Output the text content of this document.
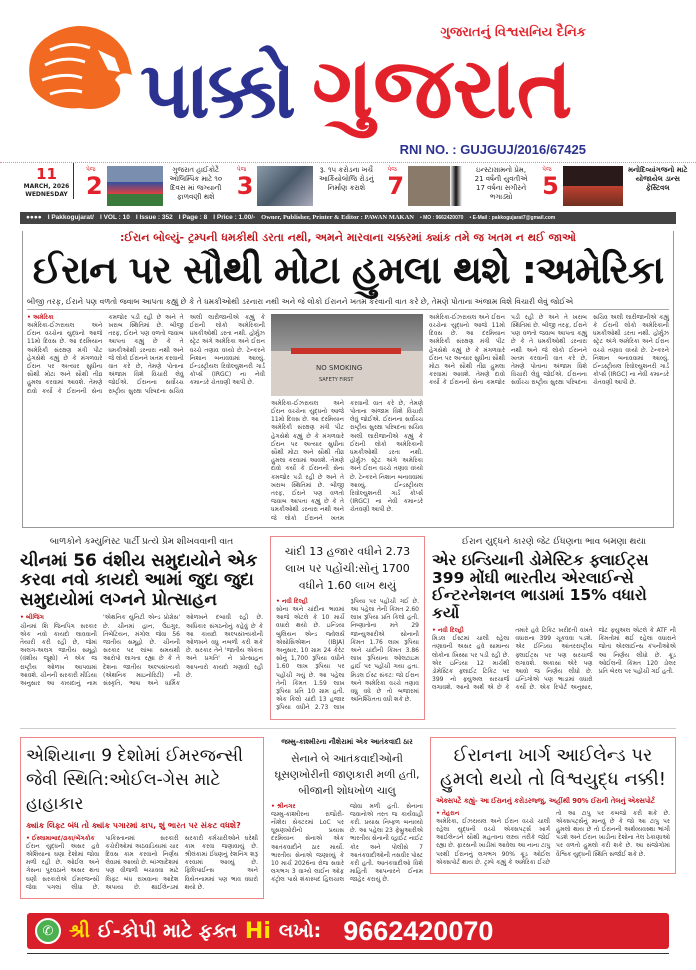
ગુજરાતનું વિશ્વસનિય દૈનિક
પાક્કો ગુજરાત
RNI NO. : GUJGUJ/2016/67425
11
MARCH, 2026
WEDNESDAY
પેજ
2
ગુજરાત હાઈકોર્ટે ઓલિમ્પિક માટે ૧૦ દિવસ માં જગ્યાની ફાળવણી થશે
પેજ
3
રૂ. ૧૫ કરોડના ખર્ચે આર્કિયોલોજિ રોડનું નિર્માણ કરાશે
પેજ
7
ઇન્સ્ટાગ્રામનો પ્રેમ, 21 વર્ષની યુવતીએ 17 વર્ષના સગીરને ભગાડ્યો
પેજ
5
મનોદિવ્યાંગજનો માટે યોજાયેલ ડાન્સ ફેસ્ટિવલ
●●●● I Pakkogujarat/ I VOL : 10 I Issue : 352 I Page : 8 I Price : 1.00/- Owner, Publisher, Printer & Editor : PAWAN MAKAN • MO : 9662420070 • E-Mail : pakkogujarat7@gmail.com
:ઈરાન બોલ્યું- ટ્રમ્પની ધમકીથી ડરતા નથી, અમને મારવાના ચક્કરમાં ક્યાંક તમે જ ખતમ ન થઈ જાઓ
ઈરાન પર સૌથી મોટા હુમલા થશે :અમેરિકા
બીજી તરફ, ઈરાને પણ વળતો જવાબ આપતા કહ્યું છે કે તે ધમકીઓથી ડરનારા નથી અને જે લોકો ઈરાનને ખતમ કરવાની વાત કરે છે, તેમણે પોતાના અંજામ વિશે વિચારી લેવું જોઈએ
• અમેરિકા
અમેરિકા-ઈઝરાયલ અને ઈરાન વચ્ચેના યુદ્ધનો આજે 11મો દિવસ છે. આ દરમિયાન અમેરિકી સંરક્ષણ મંત્રી પીટ હેગસેથે કહ્યું છે કે મંગળવારે ઈરાન પર અત્યાર સુધીના સૌથી મોટા અને સૌથી તીવ્ર હુમલા કરવામાં આવશે. તેમણે દાવો કર્યો કે ઈરાનની સેના કમજોર પડી રહી છે અને તે ખરાબ સ્થિતિમાં છે. બીજી તરફ, ઈરાને પણ વળતો જવાબ આપતા કહ્યું છે કે તે ધમકીઓથી ડરનારા નથી અને જે લોકો ઈરાનને ખતમ કરવાની વાત કરે છે, તેમણે પોતાના અંજામ વિશે વિચારી લેવું જોઈએ. ઈરાનના સર્વોચ્ચ રાષ્ટ્રીય સુરક્ષા પરિષદના સચિવ અલી લારીજાનીએ કહ્યું કે ઈરાની લોકો અમેરિકાની ધમકીઓથી ડરતા નથી. હોર્મુઝ સ્ટ્રેટ અંગે અમેરિકા અને ઈરાન વચ્ચે તણાવ વધ્યો છે. ટેન્કરને નિશાન બનાવવામાં આવ્યું. ઈન્ડસ્ટ્રીયલ રિવોલ્યુશનરી ગાર્ડ કોર્પ્સ (IRGC) ના નેવી કમાન્ડરે ચેતવણી આપી છે.
NO SMOKING
SAFETY FIRST
અમેરિકા-ઈઝરાયલ અને ઈરાન વચ્ચેના યુદ્ધનો આજે 11મો દિવસ છે. આ દરમિયાન અમેરિકી સંરક્ષણ મંત્રી પીટ હેગસેથે કહ્યું છે કે મંગળવારે ઈરાન પર અત્યાર સુધીના સૌથી મોટા અને સૌથી તીવ્ર હુમલા કરવામાં આવશે. તેમણે દાવો કર્યો કે ઈરાનની સેના કમજોર પડી રહી છે અને તે ખરાબ સ્થિતિમાં છે. બીજી તરફ, ઈરાને પણ વળતો જવાબ આપતા કહ્યું છે કે તે ધમકીઓથી ડરનારા નથી અને જે લોકો ઈરાનને ખતમ કરવાની વાત કરે છે, તેમણે પોતાના અંજામ વિશે વિચારી લેવું જોઈએ. ઈરાનના સર્વોચ્ચ રાષ્ટ્રીય સુરક્ષા પરિષદના સચિવ અલી લારીજાનીએ કહ્યું કે ઈરાની લોકો અમેરિકાની ધમકીઓથી ડરતા નથી. હોર્મુઝ સ્ટ્રેટ અંગે અમેરિકા અને ઈરાન વચ્ચે તણાવ વધ્યો છે. ટેન્કરને નિશાન બનાવવામાં આવ્યું. ઈન્ડસ્ટ્રીયલ રિવોલ્યુશનરી ગાર્ડ કોર્પ્સ (IRGC) ના નેવી કમાન્ડરે ચેતવણી આપી છે.
અમેરિકા-ઈઝરાયલ અને ઈરાન વચ્ચેના યુદ્ધનો આજે 11મો દિવસ છે. આ દરમિયાન અમેરિકી સંરક્ષણ મંત્રી પીટ હેગસેથે કહ્યું છે કે મંગળવારે ઈરાન પર અત્યાર સુધીના સૌથી મોટા અને સૌથી તીવ્ર હુમલા કરવામાં આવશે. તેમણે દાવો કર્યો કે ઈરાનની સેના કમજોર પડી રહી છે અને તે ખરાબ સ્થિતિમાં છે. બીજી તરફ, ઈરાને પણ વળતો જવાબ આપતા કહ્યું છે કે તે ધમકીઓથી ડરનારા નથી અને જે લોકો ઈરાનને ખતમ કરવાની વાત કરે છે, તેમણે પોતાના અંજામ વિશે વિચારી લેવું જોઈએ. ઈરાનના સર્વોચ્ચ રાષ્ટ્રીય સુરક્ષા પરિષદના સચિવ અલી લારીજાનીએ કહ્યું કે ઈરાની લોકો અમેરિકાની ધમકીઓથી ડરતા નથી. હોર્મુઝ સ્ટ્રેટ અંગે અમેરિકા અને ઈરાન વચ્ચે તણાવ વધ્યો છે. ટેન્કરને નિશાન બનાવવામાં આવ્યું. ઈન્ડસ્ટ્રીયલ રિવોલ્યુશનરી ગાર્ડ કોર્પ્સ (IRGC) ના નેવી કમાન્ડરે ચેતવણી આપી છે.
બાળકોને કમ્યુનિસ્ટ પાર્ટી પ્રત્યે પ્રેમ શીખવવાની વાત
ચીનમાં 56 વંશીય સમુદાયોને એક કરવા નવો કાયદો આમાં જુદા જુદા સમુદાયોમાં લગ્નને પ્રોત્સાહન
• બીજિંગ
ચીનમાં શિ જિનપિંગ સરકાર એક નવો કાયદો લાવવાની તૈયારી કરી રહી છે, જેમાં અલગ-અલગ જાતીય સમૂહો (વંશીય જૂથો) ને એક જ રાષ્ટ્રીય ઓળખ આપવામાં આવશે. ચીનની સરકારી મીડિયા અનુસાર આ કાયદાનું નામ 'એથનિક યુનિટી એન્ડ પ્રોગ્રેસ' છે. ચીનમાં હાન, ઉઇગુર, તિબેટિયન, મંગોલ જેવા 56 જાતીય સમૂહો છે. ચીનની સરકાર પર લાંબા સમયથી આરોપો લાગતા રહ્યા છે કે તે દેશના જાતીય અલ્પસંખ્યકો (એથનિક માઇનોરિટી) ની સંસ્કૃતિ, ભાષા અને ધાર્મિક ઓળખને દબાવી રહી છે. અધિકાર સંગઠનોનું કહેવું છે કે આ કાયદો અલ્પસંખ્યકોની ઓળખને વધુ નબળી કરી શકે છે. સરકાર તેને 'જાતીય એકતા અને પ્રગતિ' ને પ્રોત્સાહન આપનારો કાયદો ગણાવી રહી છે.
ચાંદી 13 હજાર વધીને 2.73 લાખ પર પહોંચી:સોનું 1700 વધીને 1.60 લાખ થયું
• નવી દિલ્હી
સોના અને ચાંદીના ભાવમાં આજે એટલે કે 10 માર્ચે વધારો થયો છે. ઇન્ડિયા બુલિયન એન્ડ જ્વેલર્સ એસોસિએશન (IBJA) અનુસાર, 10 ગ્રામ 24 કેરેટ સોનું 1,700 રૂપિયા વધીને 1.60 લાખ રૂપિયા પર પહોંચી ગયું છે. આ પહેલા તેની કિંમત 1.59 લાખ રૂપિયા પ્રતિ 10 ગ્રામ હતી. એક કિલો ચાંદી 13 હજાર રૂપિયા વધીને 2.73 લાખ રૂપિયા પર પહોંચી ગઈ છે. આ પહેલા તેની કિંમત 2.60 લાખ રૂપિયા પ્રતિ કિલો હતી. નિષ્ણાતોના મતે 29 જાન્યુઆરીએ સોનાની કિંમત 1.76 લાખ રૂપિયા અને ચાંદીની કિંમત 3.86 લાખ રૂપિયાના ઓલટાઇમ હાઈ પર પહોંચી ગયા હતા. મિડલ ઈસ્ટ સંકટ: જો ઈરાન અને અમેરિકા વચ્ચે તણાવ વધુ વધે છે તો બજારમાં અનિશ્ચિતતા વધી શકે છે.
ઈરાન યુદ્ધને કારણે જેટ ઈંધણના ભાવ બમણા થયા
એર ઇન્ડિયાની ડોમેસ્ટિક ફ્લાઈટ્સ 399 મોંઘી ભારતીય એરલાઈન્સે ઈન્ટરનેશનલ ભાડામાં 15% વધારો કર્યો
• નવી દિલ્હી
મિડલ ઈસ્ટમાં ચાલી રહેલા તણાવની અસર હવે સામાન્ય લોકોના ખિસ્સા પર પડી રહી છે. એર ઇન્ડિયા 12 માર્ચથી ડોમેસ્ટિક ફ્લાઈટ ટિકિટ પર 399 નો ફ્યુઅલ સરચાર્જ લગાવશે. આનો અર્થ એ છે કે તમારે હવે ટિકિટ ખરીદતી વખતે વધારાના 399 ચૂકવવા પડશે. એર ઈન્ડિયા આંતરરાષ્ટ્રીય ફ્લાઈટ્સ પર પણ સરચાર્જ લગાવશે. અકાસા એરે પણ આવો જ નિર્ણય લીધો છે. ઇન્ડિગોએ પણ ભાડામાં વધારો કર્યો છે. એક રિપોર્ટ અનુસાર, જેટ ફ્યુઅલ એટલે કે ATF ની કિંમતોમાં થઈ રહેલા વધારાને જોતા એરલાઈન્સ કંપનીઓએ આ નિર્ણય લીધો છે. ક્રૂડ ઓઈલની કિંમત 120 ડોલર પ્રતિ બેરલ પર પહોંચી ગઈ હતી.
એશિયાના 9 દેશોમાં ઈમરજન્સી જેવી સ્થિતિ:ઓઈલ-ગેસ માટે હાહાકાર
ક્યાંક લિફ્ટ બંધ તો ક્યાંક પગારમાં કાપ, શું ભારત પર સંકટ વધશે?
• ઈસ્લામાબાદ/ઢાકા/બેંગકોક
ઈરાન યુદ્ધની અસર હવે એશિયાના ઘણા દેશોમાં જોવા મળી રહી છે. ઓઈલ અને ગેસના પુરવઠાને અસર થતા ઘણી સરકારોએ ઈમરજન્સી જેવા પગલાં લીધા છે. પાકિસ્તાનમાં સરકારી કચેરીઓમાં અઠવાડિયામાં ચાર દિવસ કામ કરવાનો નિર્ણય લેવામાં આવ્યો છે. બાંગ્લાદેશમાં પણ વીજળી બચાવવા માટે લિફ્ટ બંધ રાખવાના આદેશ અપાયા છે. થાઈલેન્ડમાં સરકારી કર્મચારીઓને ઘરેથી કામ કરવા જણાવાયું છે. શ્રીલંકામાં ઈંધણનું રેશનિંગ શરૂ કરવામાં આવ્યું છે. ફિલિપાઈન્સ અને વિયેતનામમાં પણ ભાવ વધારો થયો છે.
જમ્મુ-કાશ્મીરના નૌશેરામાં એક આતંકવાદી ઠાર
સેનાને બે આતંકવાદીઓની ઘૂસણખોરીની જાણકારી મળી હતી, બીજાની શોધખોળ ચાલુ
• શ્રીનગર
જમ્મુ-કાશ્મીરના રાજૌરી-નૌશેરા સેક્ટરમાં LoC પર ઘૂસણખોરીનો પ્રયાસ દરમિયાન સેનાએ એક આતંકવાદીને ઠાર માર્યો. ભારતીય સેનાએ જણાવ્યું કે 10 માર્ચ 2026ના રોજ સવારે લગભગ 3 વાગ્યે લાઈન ઓફ કંટ્રોલ પાસે શંકાસ્પદ હિલચાલ જોવા મળી હતી. સેનાના જવાનોએ તરત જ કાર્યવાહી કરી. પ્રયાસ નિષ્ફળ બનાવ્યો છે. આ પહેલા 23 ફેબ્રુઆરીએ ભારતીય સેનાની વ્હાઈટ નાઈટ કોર અને પોલીસે 7 આતંકવાદીઓની તસવીર પોસ્ટ કરી હતી. આતંકવાદીઓ વિશે માહિતી આપનારને ઈનામ જાહેર કરાયું છે.
ઈરાનના ખાર્ગ આઈલેન્ડ પર હુમલો થયો તો વિશ્વયુદ્ધ નક્કી!
એક્સપર્ટે કહ્યું- આ ઈરાનનું કરોડરજ્જુ, અહીંથી 90% ઈરાની તેલનું એક્સપોર્ટ
• તેહરાન
અમેરિકા, ઈઝરાયલ અને ઈરાન વચ્ચે ચાલી રહેલા યુદ્ધની વચ્ચે એક્સપર્ટ્સ ખાર્ગ આઈલેન્ડને સૌથી મહત્વના લક્ષ્ય તરીકે જોઈ રહ્યા છે. ફારસની ખાડીમાં આવેલા આ નાના ટાપુ પરથી ઈરાનનું લગભગ 90% ક્રૂડ ઓઈલ એક્સપોર્ટ થાય છે. ટ્રમ્પે કહ્યું કે અમેરિકા ઈચ્છે તો આ ટાપુ પર કબજો કરી શકે છે. એક્સપર્ટ્સનું માનવું છે કે જો આ ટાપુ પર હુમલો થાય છે તો ઈરાનની અર્થવ્યવસ્થા ભાંગી પડશે અને ઈરાન ખાડીના દેશોના તેલ ઠેકાણાઓ પર વળતો હુમલો કરી શકે છે. આ સંજોગોમાં વૈશ્વિક યુદ્ધની સ્થિતિ સર્જાઈ શકે છે.
✆ શ્રી ઈ-કોપી માટે ફક્ત Hi લખો: 9662420070
